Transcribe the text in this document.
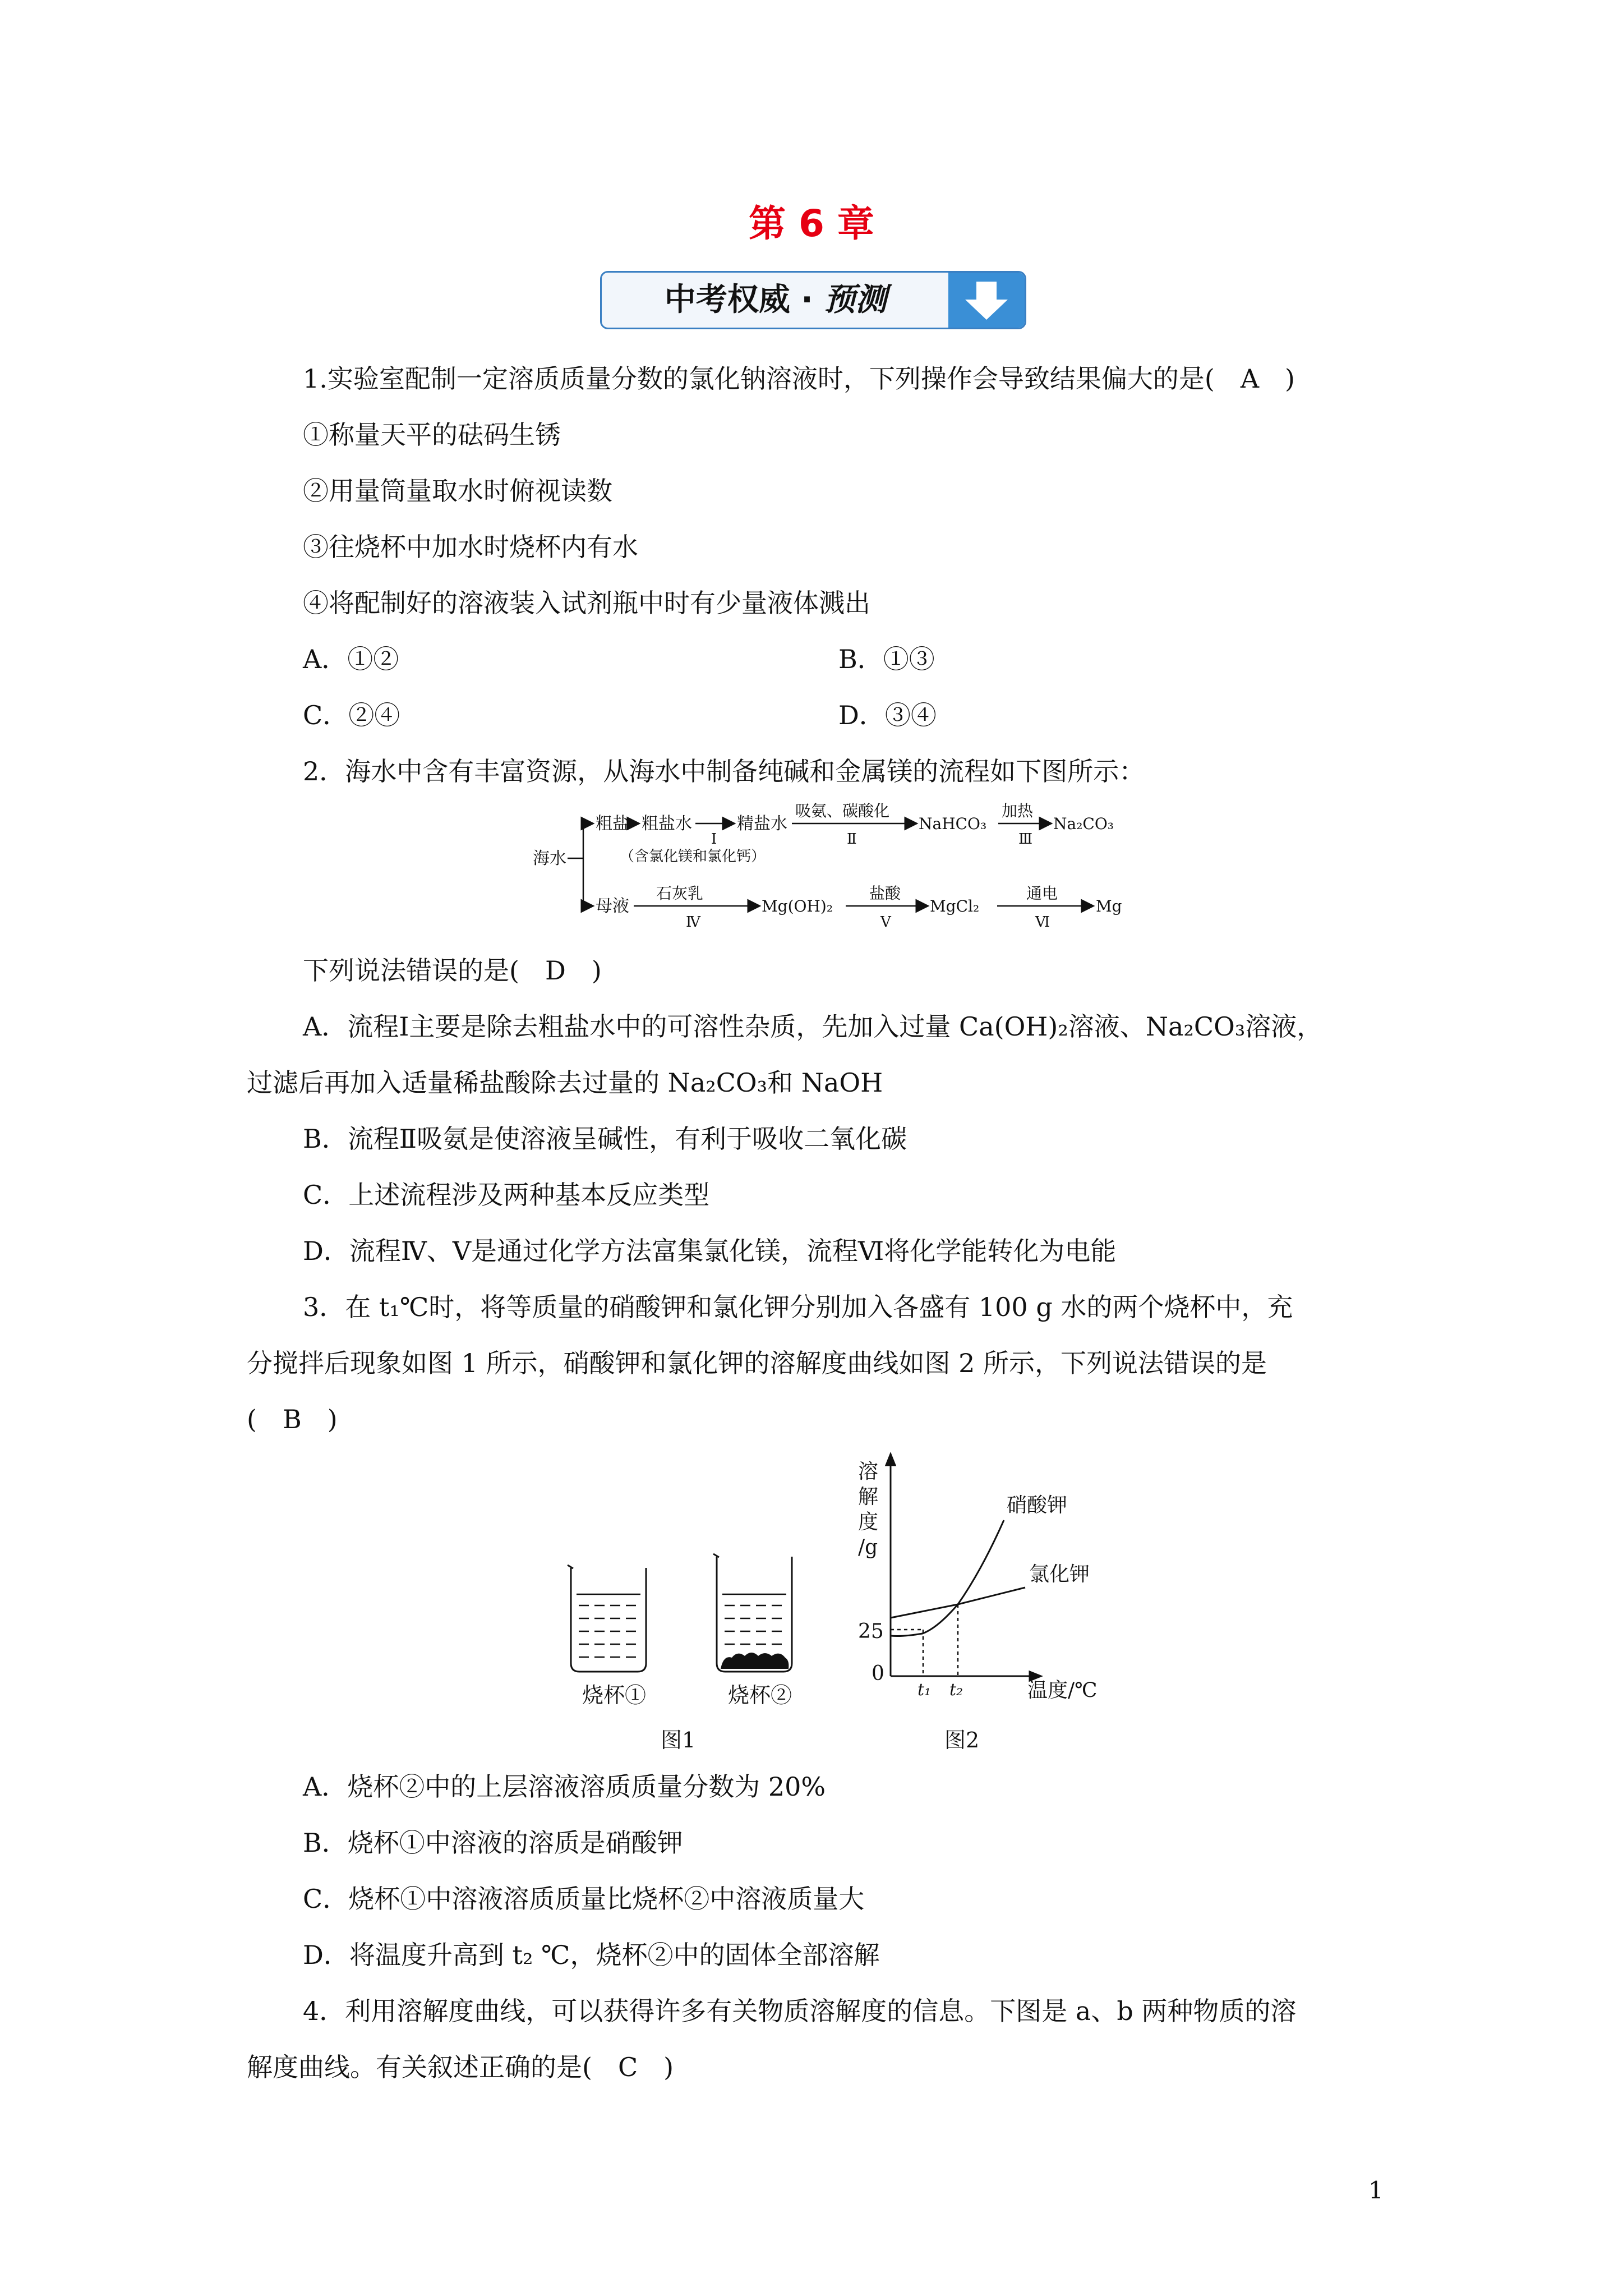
第 6 章
中考权威 · 预测
1.实验室配制一定溶质质量分数的氯化钠溶液时，下列操作会导致结果偏大的是(　A　)
①称量天平的砝码生锈
②用量筒量取水时俯视读数
③往烧杯中加水时烧杯内有水
④将配制好的溶液装入试剂瓶中时有少量液体溅出
A．①②	B．①③
C．②④	D．③④
2．海水中含有丰富资源，从海水中制备纯碱和金属镁的流程如下图所示：
海水
粗盐 粗盐水
Ⅰ
（含氯化镁和氯化钙）
精盐水
吸氨、碳酸化
Ⅱ
NaHCO₃
加热
Ⅲ
Na₂CO₃
母液
石灰乳
Ⅳ
Mg(OH)₂
盐酸
Ⅴ
MgCl₂
通电
Ⅵ
Mg
下列说法错误的是(　D　)
A．流程Ⅰ主要是除去粗盐水中的可溶性杂质，先加入过量 Ca(OH)₂溶液、Na₂CO₃溶液，
过滤后再加入适量稀盐酸除去过量的 Na₂CO₃和 NaOH
B．流程Ⅱ吸氨是使溶液呈碱性，有利于吸收二氧化碳
C．上述流程涉及两种基本反应类型
D．流程Ⅳ、Ⅴ是通过化学方法富集氯化镁，流程Ⅵ将化学能转化为电能
3．在 t₁℃时，将等质量的硝酸钾和氯化钾分别加入各盛有 100 g 水的两个烧杯中，充
分搅拌后现象如图 1 所示，硝酸钾和氯化钾的溶解度曲线如图 2 所示，下列说法错误的是
(　B　)
烧杯①	烧杯②
图1
溶
解
度
/g
25
0
温度/℃
硝酸钾
氯化钾
t₁ t₂
图2
A．烧杯②中的上层溶液溶质质量分数为 20%
B．烧杯①中溶液的溶质是硝酸钾
C．烧杯①中溶液溶质质量比烧杯②中溶液质量大
D．将温度升高到 t₂ ℃，烧杯②中的固体全部溶解
4．利用溶解度曲线，可以获得许多有关物质溶解度的信息。下图是 a、b 两种物质的溶
解度曲线。有关叙述正确的是(　C　)
1
